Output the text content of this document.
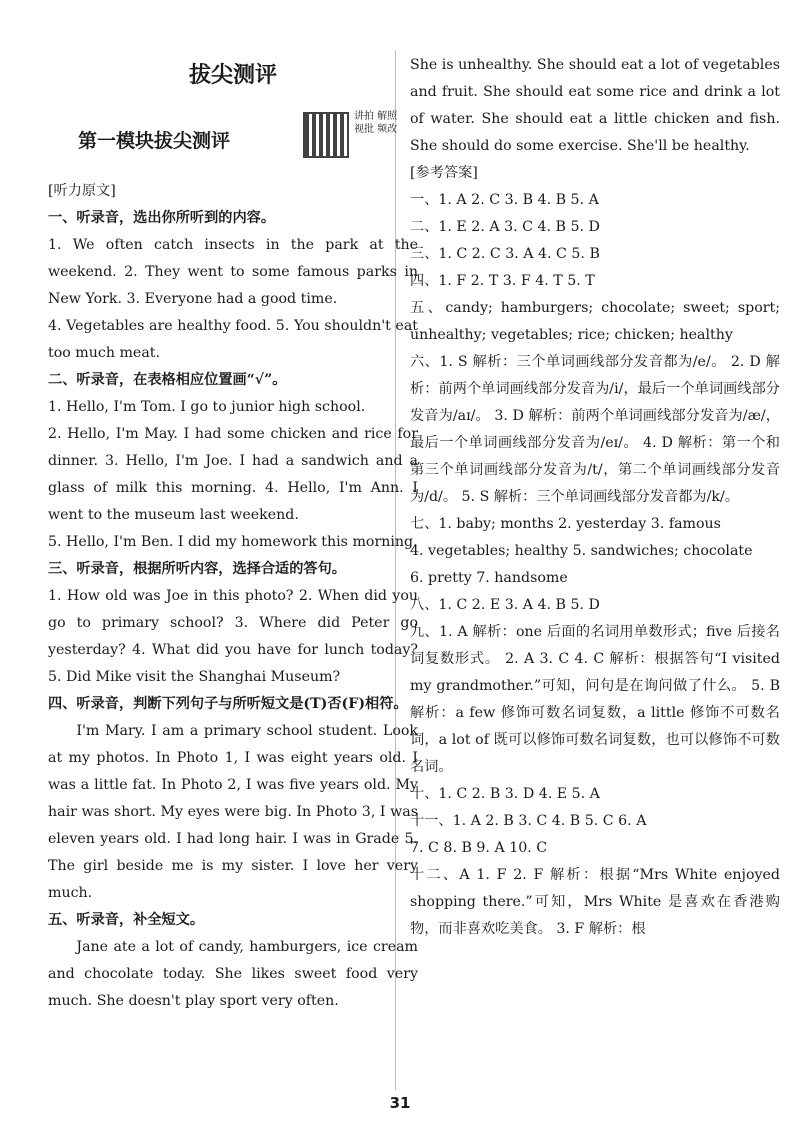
拔尖测评
第一模块拔尖测评
讲拍 解照 视批 频改

[听力原文]

一、听录音，选出你所听到的内容。

1. We often catch insects in the park at the weekend. 2. They went to some famous parks in New York. 3. Everyone had a good time.

4. Vegetables are healthy food. 5. You shouldn't eat too much meat.

二、听录音，在表格相应位置画“√”。

1. Hello, I'm Tom. I go to junior high school.

2. Hello, I'm May. I had some chicken and rice for dinner. 3. Hello, I'm Joe. I had a sandwich and a glass of milk this morning. 4. Hello, I'm Ann. I went to the museum last weekend.

5. Hello, I'm Ben. I did my homework this morning.

三、听录音，根据所听内容，选择合适的答句。

1. How old was Joe in this photo? 2. When did you go to primary school? 3. Where did Peter go yesterday? 4. What did you have for lunch today? 5. Did Mike visit the Shanghai Museum?

四、听录音，判断下列句子与所听短文是(T)否(F)相符。

I'm Mary. I am a primary school student. Look at my photos. In Photo 1, I was eight years old. I was a little fat. In Photo 2, I was five years old. My hair was short. My eyes were big. In Photo 3, I was eleven years old. I had long hair. I was in Grade 5. The girl beside me is my sister. I love her very much.

五、听录音，补全短文。

Jane ate a lot of candy, hamburgers, ice cream and chocolate today. She likes sweet food very much. She doesn't play sport very often.

She is unhealthy. She should eat a lot of vegetables and fruit. She should eat some rice and drink a lot of water. She should eat a little chicken and fish. She should do some exercise. She'll be healthy.

[参考答案]

一、1. A 2. C 3. B 4. B 5. A

二、1. E 2. A 3. C 4. B 5. D

三、1. C 2. C 3. A 4. C 5. B

四、1. F 2. T 3. F 4. T 5. T

五、candy; hamburgers; chocolate; sweet; sport; unhealthy; vegetables; rice; chicken; healthy

六、1. S 解析：三个单词画线部分发音都为/e/。 2. D 解析：前两个单词画线部分发音为/i/，最后一个单词画线部分发音为/aɪ/。 3. D 解析：前两个单词画线部分发音为/æ/，最后一个单词画线部分发音为/eɪ/。 4. D 解析：第一个和第三个单词画线部分发音为/t/，第二个单词画线部分发音为/d/。 5. S 解析：三个单词画线部分发音都为/k/。

七、1. baby; months 2. yesterday 3. famous

4. vegetables; healthy 5. sandwiches; chocolate

6. pretty 7. handsome

八、1. C 2. E 3. A 4. B 5. D

九、1. A 解析：one 后面的名词用单数形式；five 后接名词复数形式。 2. A 3. C 4. C 解析：根据答句“I visited my grandmother.”可知，问句是在询问做了什么。 5. B 解析：a few 修饰可数名词复数，a little 修饰不可数名词，a lot of 既可以修饰可数名词复数，也可以修饰不可数名词。

十、1. C 2. B 3. D 4. E 5. A

十一、1. A 2. B 3. C 4. B 5. C 6. A

7. C 8. B 9. A 10. C

十二、A 1. F 2. F 解析：根据“Mrs White enjoyed shopping there.”可知，Mrs White 是喜欢在香港购物，而非喜欢吃美食。 3. F 解析：根

31
